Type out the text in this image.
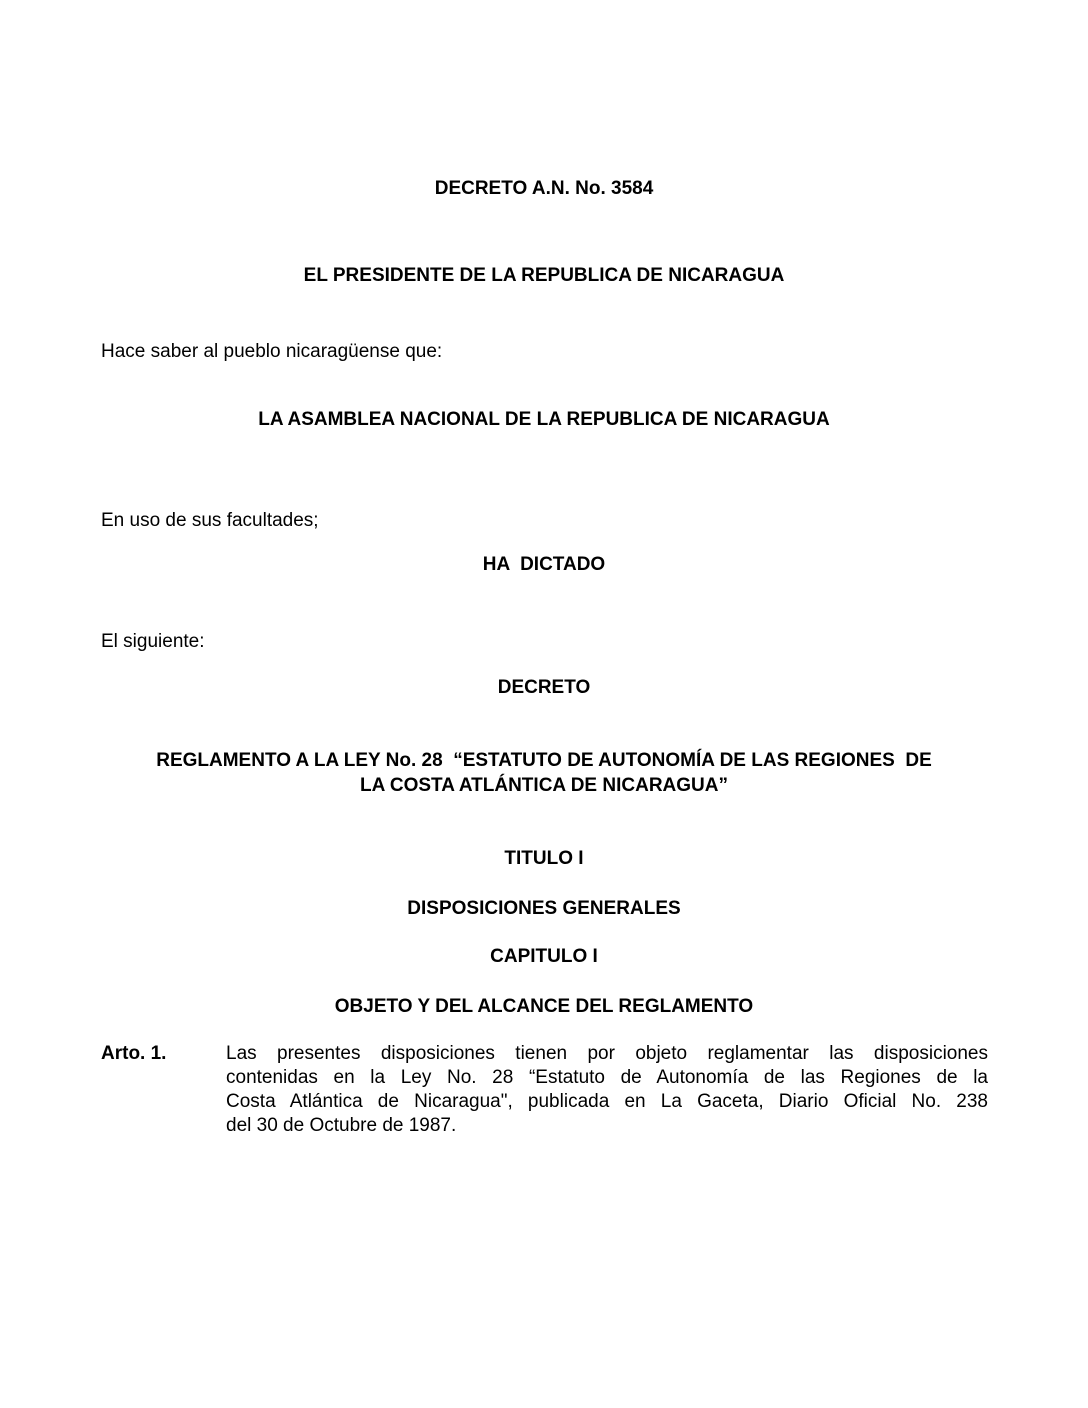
DECRETO A.N. No. 3584
EL PRESIDENTE DE LA REPUBLICA DE NICARAGUA
Hace saber al pueblo nicaragüense que:
LA ASAMBLEA NACIONAL DE LA REPUBLICA DE NICARAGUA
En uso de sus facultades;
HA  DICTADO
El siguiente:
DECRETO
REGLAMENTO A LA LEY No. 28  “ESTATUTO DE AUTONOMÍA DE LAS REGIONES  DE
LA COSTA ATLÁNTICA DE NICARAGUA”
TITULO I
DISPOSICIONES GENERALES
CAPITULO I
OBJETO Y DEL ALCANCE DEL REGLAMENTO
Arto. 1.	Las presentes disposiciones tienen por objeto reglamentar las disposiciones
contenidas en la Ley No. 28 “Estatuto de Autonomía de las Regiones de la
Costa Atlántica de Nicaragua", publicada en La Gaceta, Diario Oficial No. 238
del 30 de Octubre de 1987.
